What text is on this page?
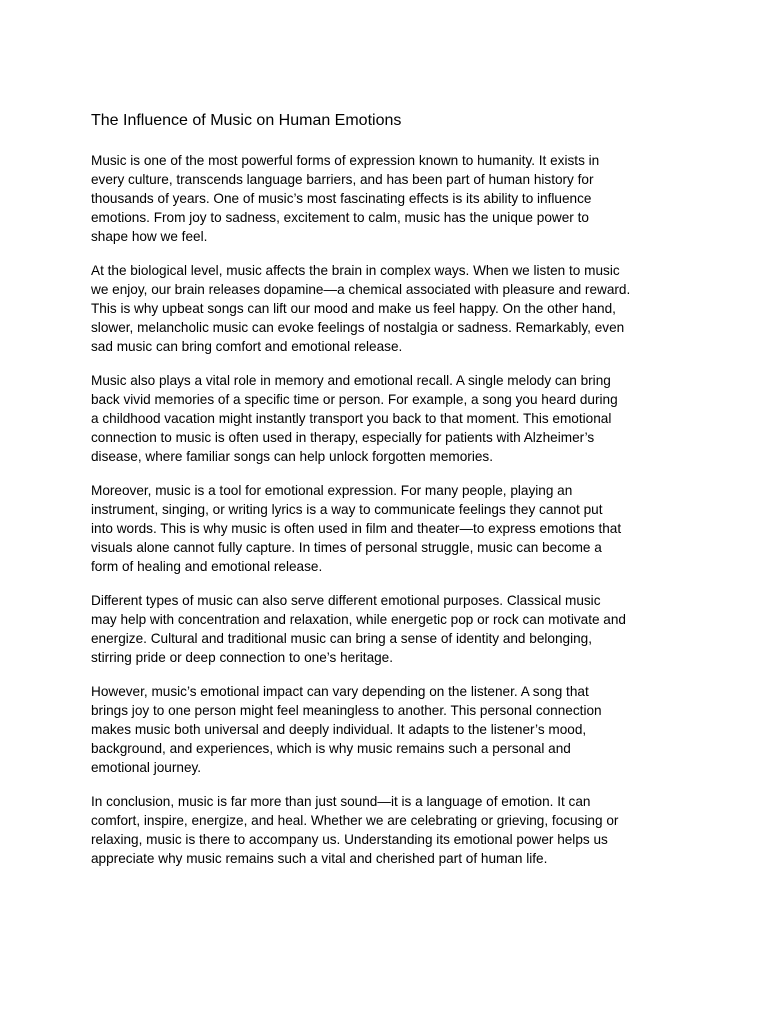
The Influence of Music on Human Emotions
Music is one of the most powerful forms of expression known to humanity. It exists in
every culture, transcends language barriers, and has been part of human history for
thousands of years. One of music’s most fascinating effects is its ability to influence
emotions. From joy to sadness, excitement to calm, music has the unique power to
shape how we feel.
At the biological level, music affects the brain in complex ways. When we listen to music
we enjoy, our brain releases dopamine—a chemical associated with pleasure and reward.
This is why upbeat songs can lift our mood and make us feel happy. On the other hand,
slower, melancholic music can evoke feelings of nostalgia or sadness. Remarkably, even
sad music can bring comfort and emotional release.
Music also plays a vital role in memory and emotional recall. A single melody can bring
back vivid memories of a specific time or person. For example, a song you heard during
a childhood vacation might instantly transport you back to that moment. This emotional
connection to music is often used in therapy, especially for patients with Alzheimer’s
disease, where familiar songs can help unlock forgotten memories.
Moreover, music is a tool for emotional expression. For many people, playing an
instrument, singing, or writing lyrics is a way to communicate feelings they cannot put
into words. This is why music is often used in film and theater—to express emotions that
visuals alone cannot fully capture. In times of personal struggle, music can become a
form of healing and emotional release.
Different types of music can also serve different emotional purposes. Classical music
may help with concentration and relaxation, while energetic pop or rock can motivate and
energize. Cultural and traditional music can bring a sense of identity and belonging,
stirring pride or deep connection to one’s heritage.
However, music’s emotional impact can vary depending on the listener. A song that
brings joy to one person might feel meaningless to another. This personal connection
makes music both universal and deeply individual. It adapts to the listener’s mood,
background, and experiences, which is why music remains such a personal and
emotional journey.
In conclusion, music is far more than just sound—it is a language of emotion. It can
comfort, inspire, energize, and heal. Whether we are celebrating or grieving, focusing or
relaxing, music is there to accompany us. Understanding its emotional power helps us
appreciate why music remains such a vital and cherished part of human life.
